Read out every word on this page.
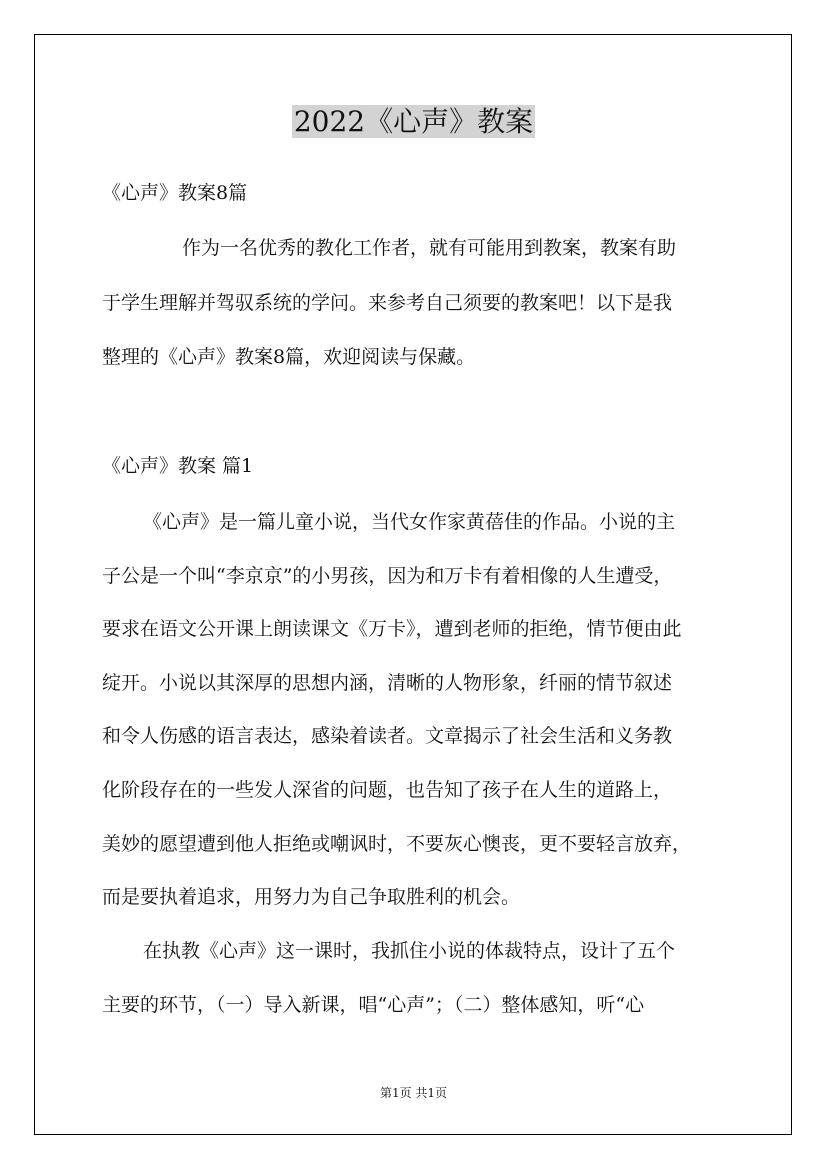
2022《心声》教案
《心声》教案8篇
作为一名优秀的教化工作者，就有可能用到教案，教案有助
于学生理解并驾驭系统的学问。来参考自己须要的教案吧！以下是我
整理的《心声》教案8篇，欢迎阅读与保藏。
《心声》教案 篇1
《心声》是一篇儿童小说，当代女作家黄蓓佳的作品。小说的主
子公是一个叫“李京京”的小男孩，因为和万卡有着相像的人生遭受，
要求在语文公开课上朗读课文《万卡》，遭到老师的拒绝，情节便由此
绽开。小说以其深厚的思想内涵，清晰的人物形象，纤丽的情节叙述
和令人伤感的语言表达，感染着读者。文章揭示了社会生活和义务教
化阶段存在的一些发人深省的问题，也告知了孩子在人生的道路上，
美妙的愿望遭到他人拒绝或嘲讽时，不要灰心懊丧，更不要轻言放弃，
而是要执着追求，用努力为自己争取胜利的机会。
在执教《心声》这一课时，我抓住小说的体裁特点，设计了五个
主要的环节，（一）导入新课，唱“心声”；（二）整体感知，听“心
第1页 共1页
